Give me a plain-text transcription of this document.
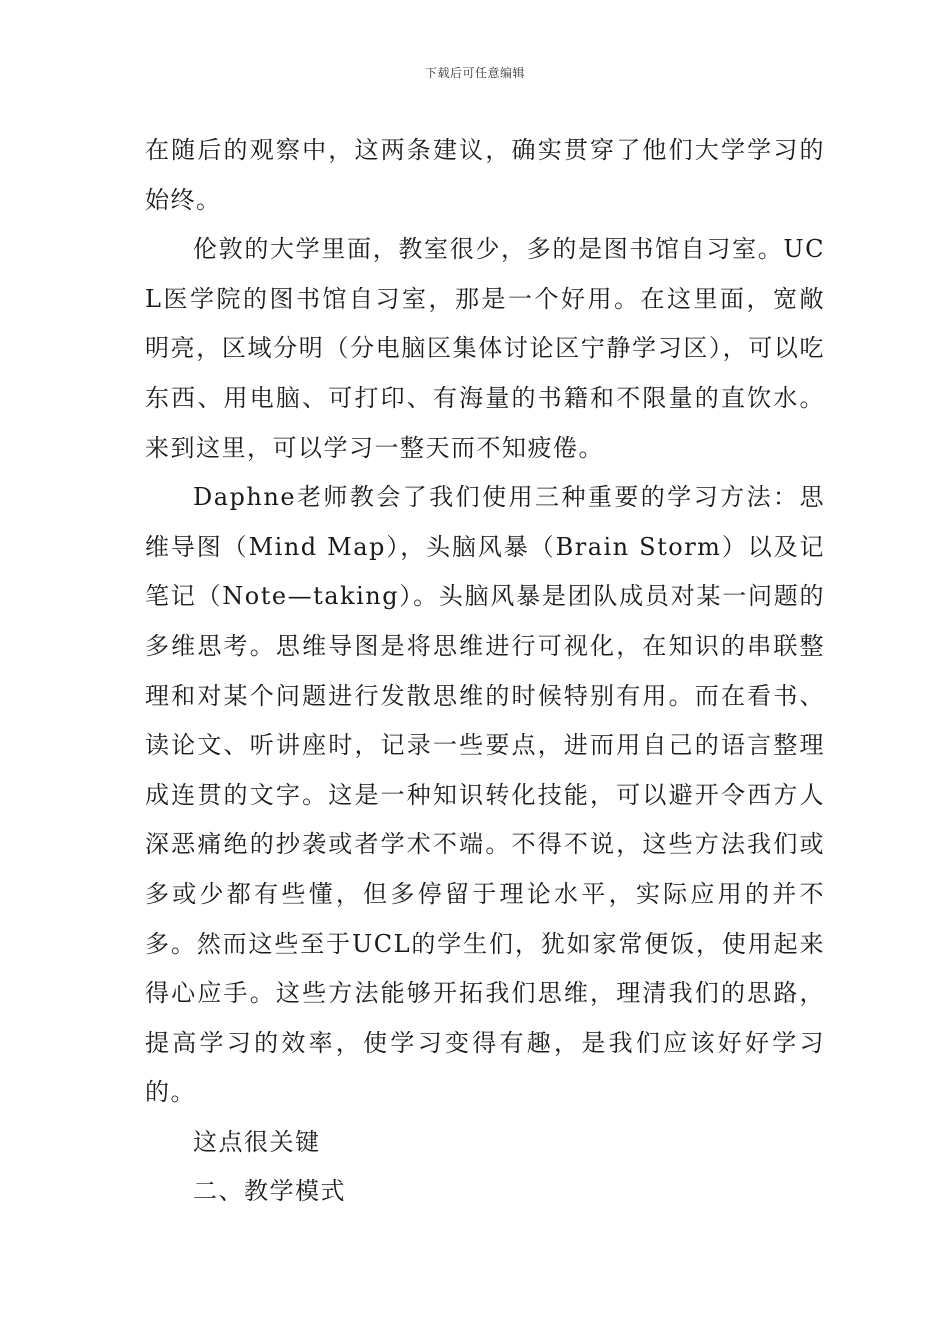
下载后可任意编辑

在随后的观察中，这两条建议，确实贯穿了他们大学学习的始终。

伦敦的大学里面，教室很少，多的是图书馆自习室。UCL医学院的图书馆自习室，那是一个好用。在这里面，宽敞明亮，区域分明（分电脑区集体讨论区宁静学习区），可以吃东西、用电脑、可打印、有海量的书籍和不限量的直饮水。来到这里，可以学习一整天而不知疲倦。

Daphne老师教会了我们使用三种重要的学习方法：思维导图（Mind Map），头脑风暴（Brain Storm）以及记笔记（Note—taking）。头脑风暴是团队成员对某一问题的多维思考。思维导图是将思维进行可视化，在知识的串联整理和对某个问题进行发散思维的时候特别有用。而在看书、读论文、听讲座时，记录一些要点，进而用自己的语言整理成连贯的文字。这是一种知识转化技能，可以避开令西方人深恶痛绝的抄袭或者学术不端。不得不说，这些方法我们或多或少都有些懂，但多停留于理论水平，实际应用的并不多。然而这些至于UCL的学生们，犹如家常便饭，使用起来得心应手。这些方法能够开拓我们思维，理清我们的思路，提高学习的效率，使学习变得有趣，是我们应该好好学习的。

这点很关键

二、教学模式
